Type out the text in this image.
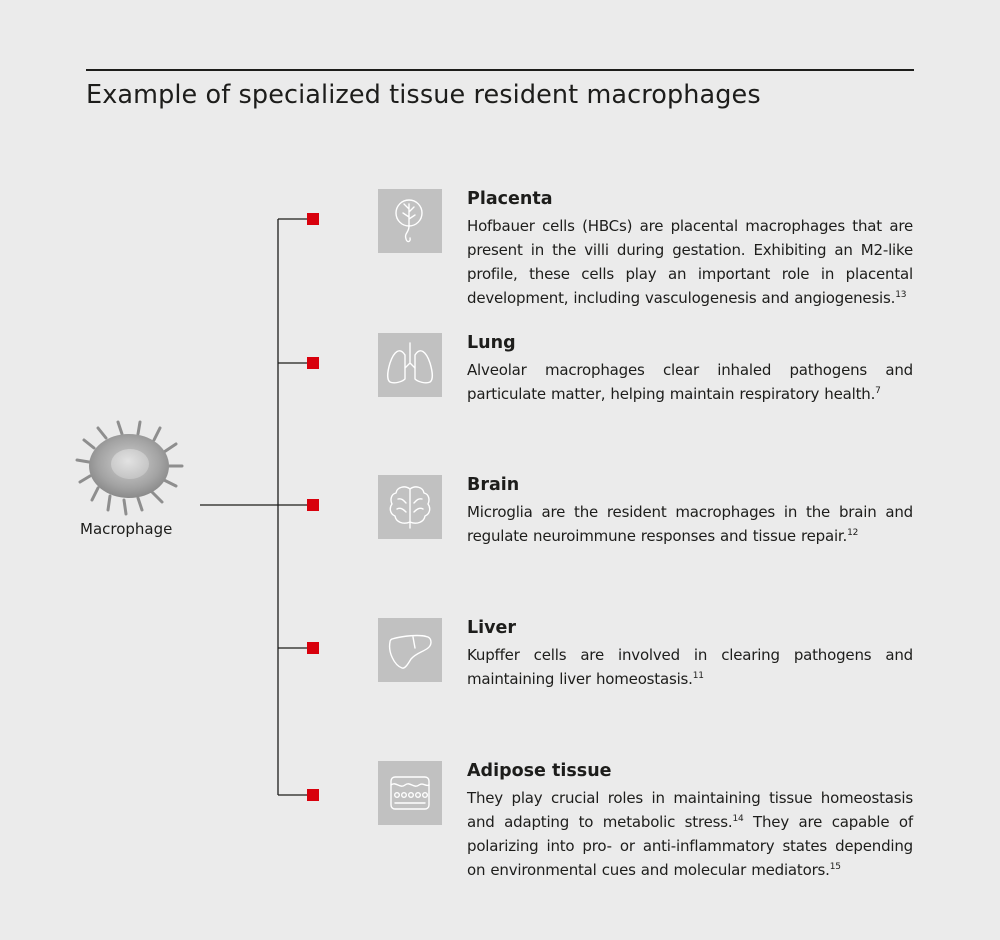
Example of specialized tissue resident macrophages
Macrophage
Placenta

Hofbauer cells (HBCs) are placental macrophages that are present in the villi during gestation. Exhibiting an M2-like profile, these cells play an important role in placental development, including vasculogenesis and angiogenesis.$^{13}$

Lung

Alveolar macrophages clear inhaled pathogens and particulate matter, helping maintain respiratory health.$^7$

Brain

Microglia are the resident macrophages in the brain and regulate neuroimmune responses and tissue repair.$^{12}$

Liver

Kupffer cells are involved in clearing pathogens and maintaining liver homeostasis.$^{11}$

Adipose tissue

They play crucial roles in maintaining tissue homeostasis and adapting to metabolic stress.$^{14}$ They are capable of polarizing into pro- or anti-inflammatory states depending on environmental cues and molecular mediators.$^{15}$
